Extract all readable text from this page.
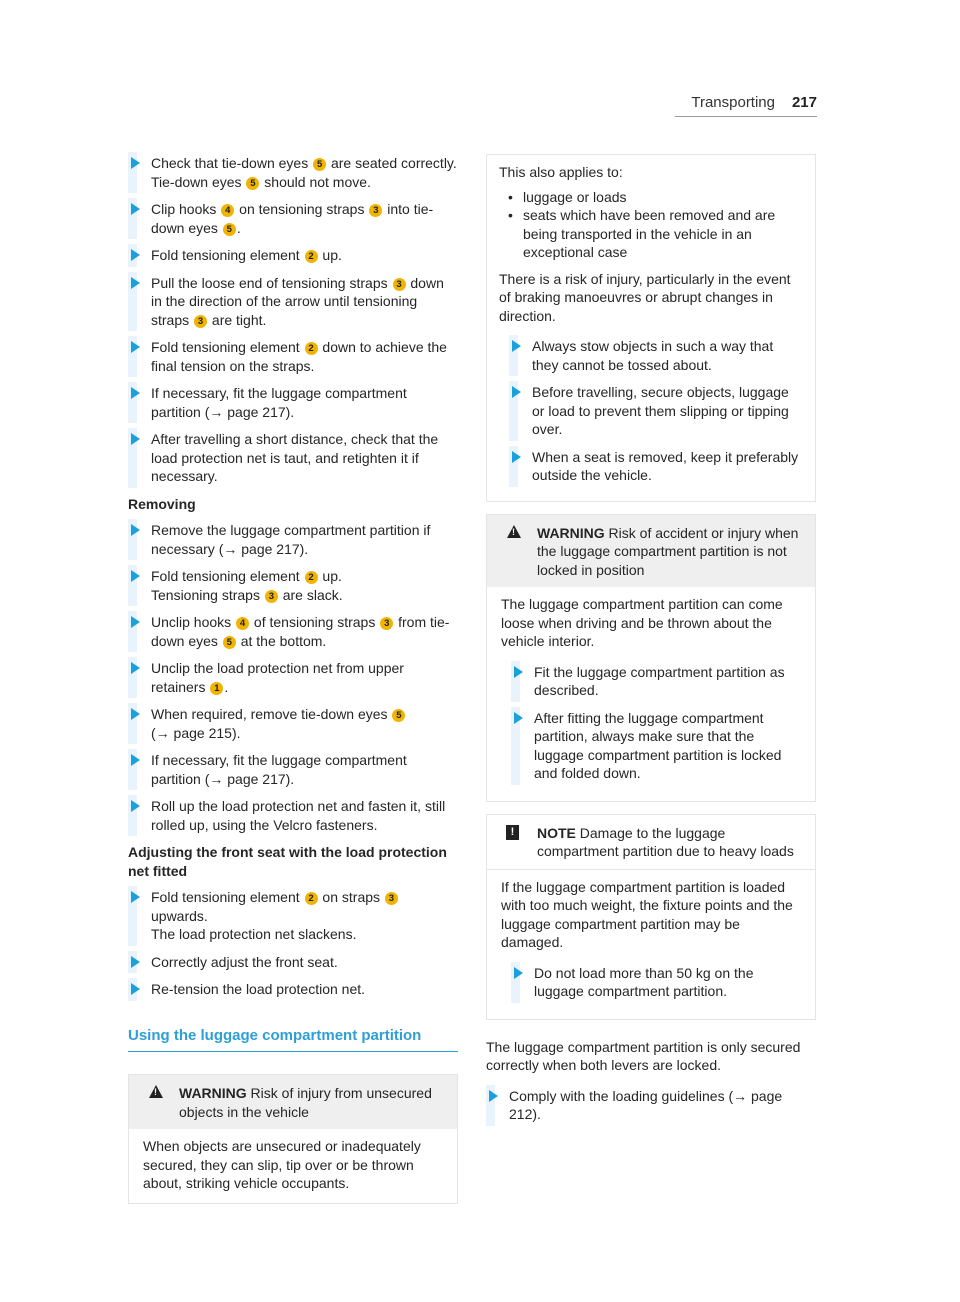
Transporting 217

Check that tie-down eyes 5 are seated correctly.
Tie-down eyes 5 should not move.

Clip hooks 4 on tensioning straps 3 into tie-down eyes 5 .

Fold tensioning element 2 up.

Pull the loose end of tensioning straps 3 down in the direction of the arrow until tensioning straps 3 are tight.

Fold tensioning element 2 down to achieve the final tension on the straps.

If necessary, fit the luggage compartment partition (→ page 217).

After travelling a short distance, check that the load protection net is taut, and retighten it if necessary.

Removing

Remove the luggage compartment partition if necessary (→ page 217).

Fold tensioning element 2 up.
Tensioning straps 3 are slack.

Unclip hooks 4 of tensioning straps 3 from tie-down eyes 5 at the bottom.

Unclip the load protection net from upper retainers 1 .

When required, remove tie-down eyes 5
(→ page 215).

If necessary, fit the luggage compartment partition (→ page 217).

Roll up the load protection net and fasten it, still rolled up, using the Velcro fasteners.

Adjusting the front seat with the load protection net fitted

Fold tensioning element 2 on straps 3 upwards.
The load protection net slackens.

Correctly adjust the front seat.

Re-tension the load protection net.

Using the luggage compartment partition
!
WARNING Risk of injury from unsecured objects in the vehicle

When objects are unsecured or inadequately secured, they can slip, tip over or be thrown about, striking vehicle occupants.

This also applies to:

• luggage or loads
• seats which have been removed and are being transported in the vehicle in an exceptional case

There is a risk of injury, particularly in the event of braking manoeuvres or abrupt changes in direction.

Always stow objects in such a way that they cannot be tossed about.

Before travelling, secure objects, luggage or load to prevent them slipping or tipping over.

When a seat is removed, keep it preferably outside the vehicle.

!
WARNING Risk of accident or injury when the luggage compartment partition is not locked in position

The luggage compartment partition can come loose when driving and be thrown about the vehicle interior.

Fit the luggage compartment partition as described.

After fitting the luggage compartment partition, always make sure that the luggage compartment partition is locked and folded down.

!	NOTE Damage to the luggage compartment partition due to heavy loads

If the luggage compartment partition is loaded with too much weight, the fixture points and the luggage compartment partition may be damaged.

Do not load more than 50 kg on the luggage compartment partition.

The luggage compartment partition is only secured correctly when both levers are locked.

Comply with the loading guidelines (→ page 212).
